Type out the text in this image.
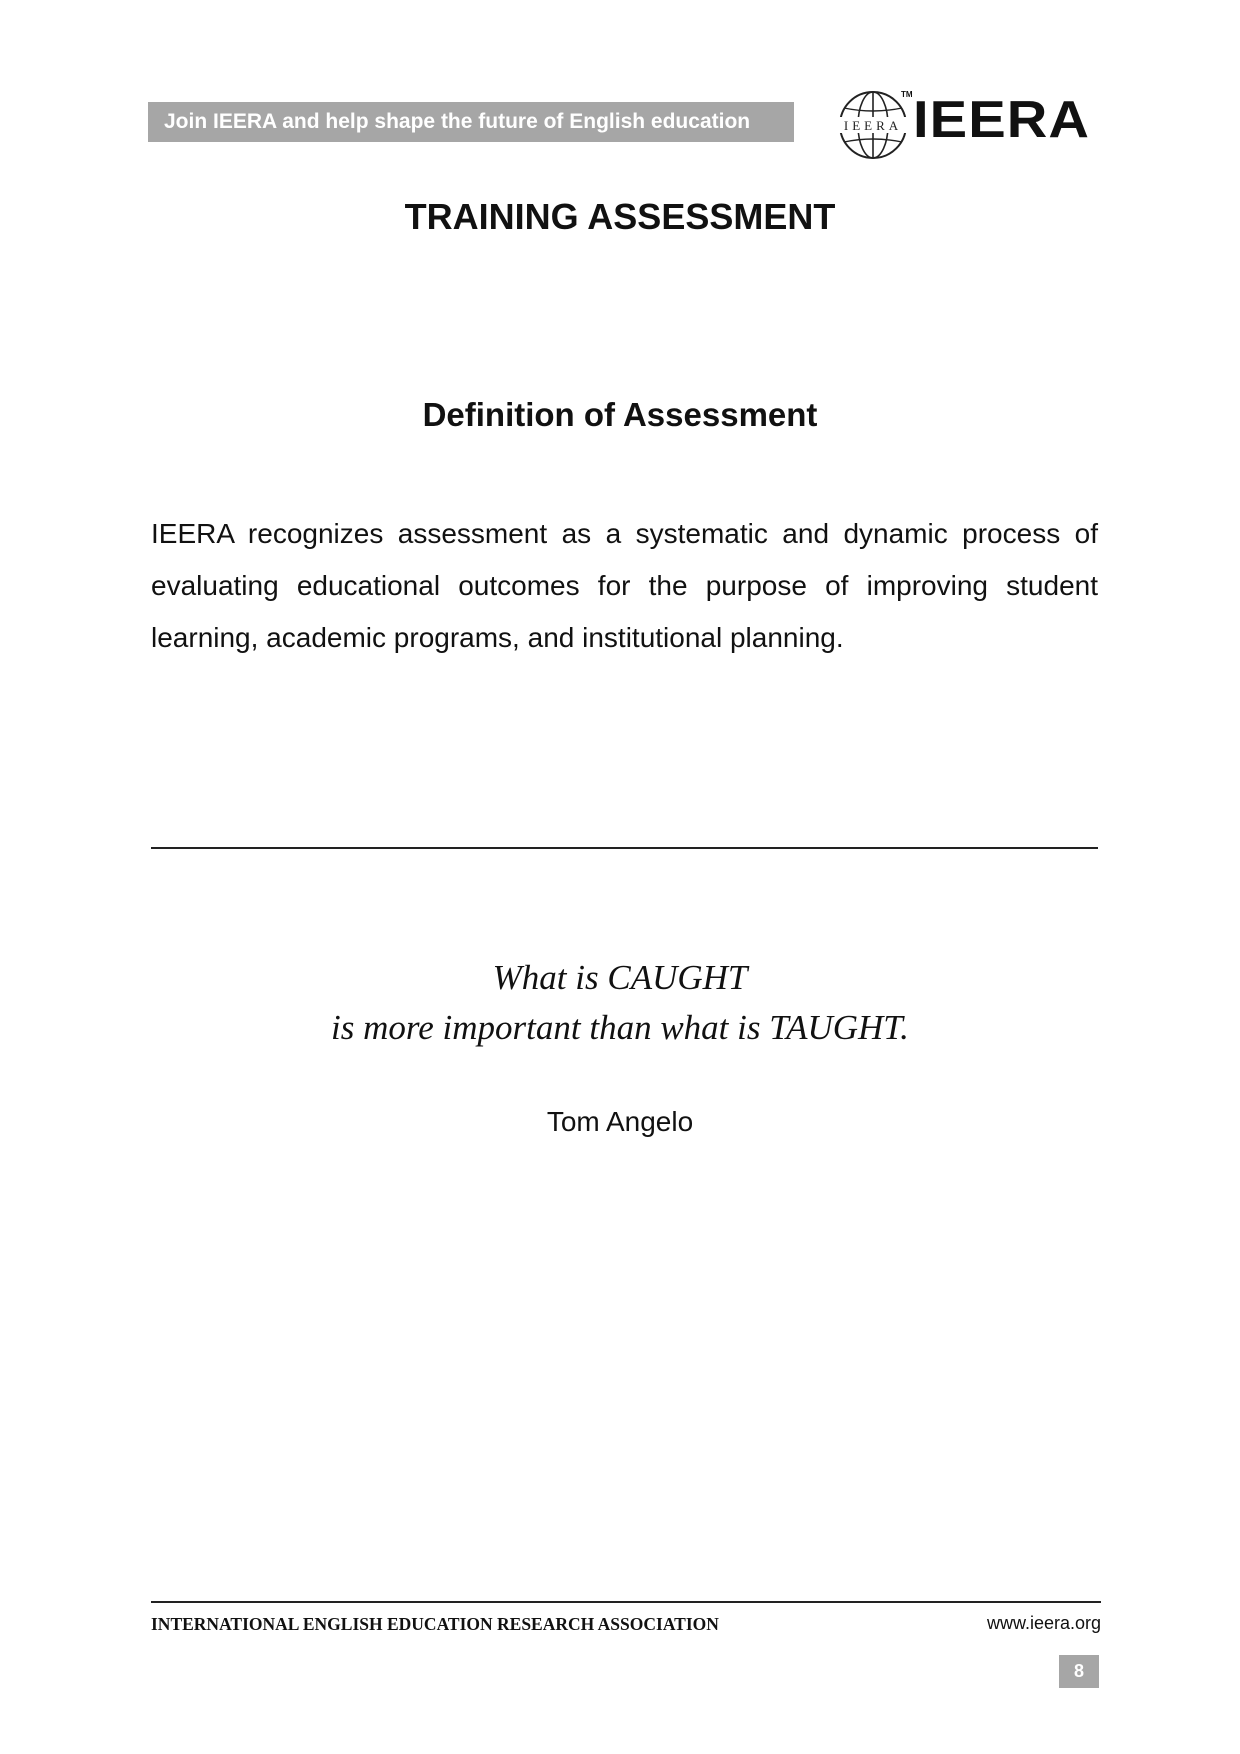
Join IEERA and help shape the future of English education	IEERA
TM IEERA
TRAINING ASSESSMENT
Definition of Assessment
IEERA recognizes assessment as a systematic and dynamic process of evaluating educational outcomes for the purpose of improving student learning, academic programs, and institutional planning.
What is CAUGHT
is more important than what is TAUGHT.
Tom Angelo
INTERNATIONAL ENGLISH EDUCATION RESEARCH ASSOCIATION	www.ieera.org
8
